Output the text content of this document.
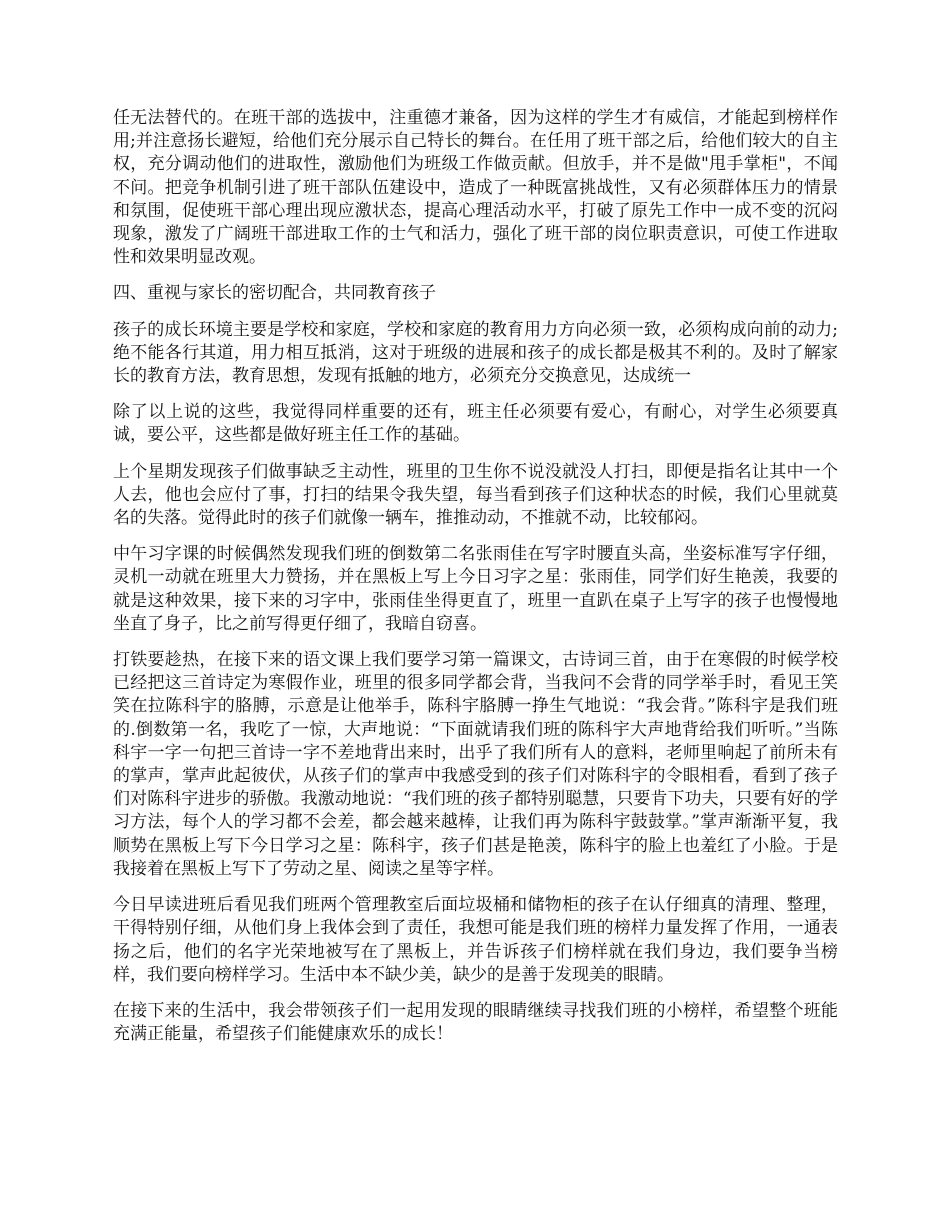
任无法替代的。在班干部的选拔中，注重德才兼备，因为这样的学生才有威信，才能起到榜样作用;并注意扬长避短，给他们充分展示自己特长的舞台。在任用了班干部之后，给他们较大的自主权，充分调动他们的进取性，激励他们为班级工作做贡献。但放手，并不是做"甩手掌柜"，不闻不问。把竞争机制引进了班干部队伍建设中，造成了一种既富挑战性，又有必须群体压力的情景和氛围，促使班干部心理出现应激状态，提高心理活动水平，打破了原先工作中一成不变的沉闷现象，激发了广阔班干部进取工作的士气和活力，强化了班干部的岗位职责意识，可使工作进取性和效果明显改观。

四、重视与家长的密切配合，共同教育孩子

孩子的成长环境主要是学校和家庭，学校和家庭的教育用力方向必须一致，必须构成向前的动力;绝不能各行其道，用力相互抵消，这对于班级的进展和孩子的成长都是极其不利的。及时了解家长的教育方法，教育思想，发现有抵触的地方，必须充分交换意见，达成统一

除了以上说的这些，我觉得同样重要的还有，班主任必须要有爱心，有耐心，对学生必须要真诚，要公平，这些都是做好班主任工作的基础。

上个星期发现孩子们做事缺乏主动性，班里的卫生你不说没就没人打扫，即便是指名让其中一个人去，他也会应付了事，打扫的结果令我失望，每当看到孩子们这种状态的时候，我们心里就莫名的失落。觉得此时的孩子们就像一辆车，推推动动，不推就不动，比较郁闷。

中午习字课的时候偶然发现我们班的倒数第二名张雨佳在写字时腰直头高，坐姿标准写字仔细，灵机一动就在班里大力赞扬，并在黑板上写上今日习字之星：张雨佳，同学们好生艳羡，我要的就是这种效果，接下来的习字中，张雨佳坐得更直了，班里一直趴在桌子上写字的孩子也慢慢地坐直了身子，比之前写得更仔细了，我暗自窃喜。

打铁要趁热，在接下来的语文课上我们要学习第一篇课文，古诗词三首，由于在寒假的时候学校已经把这三首诗定为寒假作业，班里的很多同学都会背，当我问不会背的同学举手时，看见王笑笑在拉陈科宇的胳膊，示意是让他举手，陈科宇胳膊一挣生气地说：“我会背。”陈科宇是我们班的.倒数第一名，我吃了一惊，大声地说：“下面就请我们班的陈科宇大声地背给我们听听。”当陈科宇一字一句把三首诗一字不差地背出来时，出乎了我们所有人的意料，老师里响起了前所未有的掌声，掌声此起彼伏，从孩子们的掌声中我感受到的孩子们对陈科宇的令眼相看，看到了孩子们对陈科宇进步的骄傲。我激动地说：“我们班的孩子都特别聪慧，只要肯下功夫，只要有好的学习方法，每个人的学习都不会差，都会越来越棒，让我们再为陈科宇鼓鼓掌。”掌声渐渐平复，我顺势在黑板上写下今日学习之星：陈科宇，孩子们甚是艳羡，陈科宇的脸上也羞红了小脸。于是我接着在黑板上写下了劳动之星、阅读之星等字样。

今日早读进班后看见我们班两个管理教室后面垃圾桶和储物柜的孩子在认仔细真的清理、整理，干得特别仔细，从他们身上我体会到了责任，我想可能是我们班的榜样力量发挥了作用，一通表扬之后，他们的名字光荣地被写在了黑板上，并告诉孩子们榜样就在我们身边，我们要争当榜样，我们要向榜样学习。生活中本不缺少美，缺少的是善于发现美的眼睛。

在接下来的生活中，我会带领孩子们一起用发现的眼睛继续寻找我们班的小榜样，希望整个班能充满正能量，希望孩子们能健康欢乐的成长！
